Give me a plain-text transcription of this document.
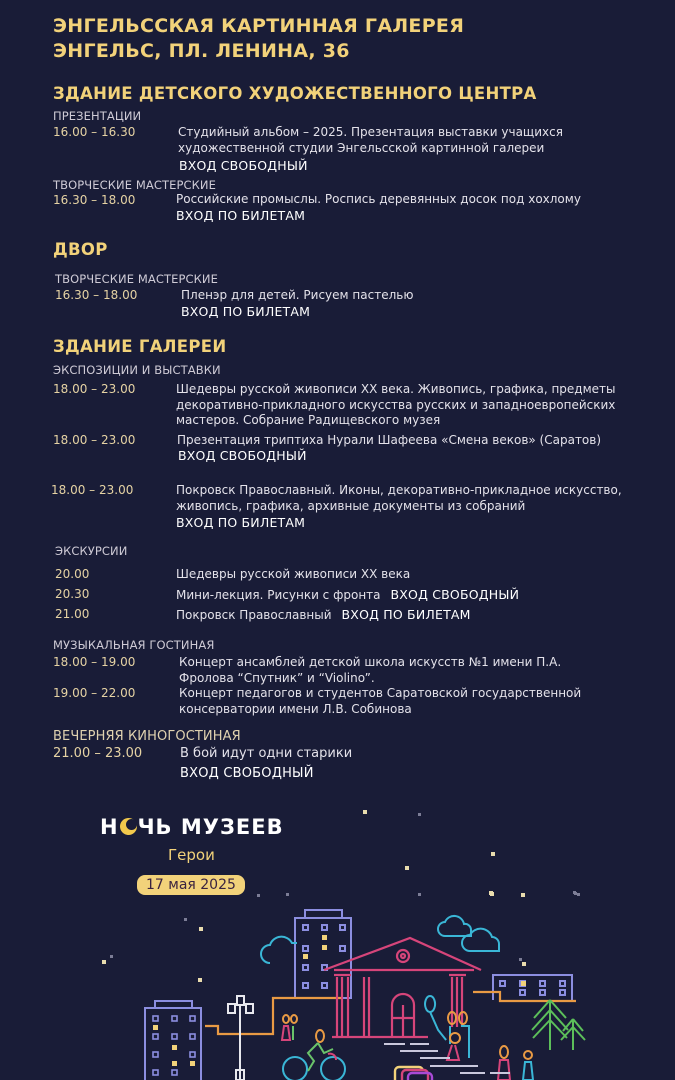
ЭНГЕЛЬССКАЯ КАРТИННАЯ ГАЛЕРЕЯ
ЭНГЕЛЬС, ПЛ. ЛЕНИНА, 36
ЗДАНИЕ ДЕТСКОГО ХУДОЖЕСТВЕННОГО ЦЕНТРА
ПРЕЗЕНТАЦИИ
16.00 – 16.30	Студийный альбом – 2025. Презентация выставки учащихся художественной студии Энгельсской картинной галереи
ВХОД СВОБОДНЫЙ
ТВОРЧЕСКИЕ МАСТЕРСКИЕ
16.30 – 18.00	Российские промыслы. Роспись деревянных досок под хохлому
ВХОД ПО БИЛЕТАМ
ДВОР
ТВОРЧЕСКИЕ МАСТЕРСКИЕ
16.30 – 18.00	Пленэр для детей. Рисуем пастелью
ВХОД ПО БИЛЕТАМ
ЗДАНИЕ ГАЛЕРЕИ
ЭКСПОЗИЦИИ И ВЫСТАВКИ
18.00 – 23.00	Шедевры русской живописи ХХ века. Живопись, графика, предметы декоративно-прикладного искусства русских и западноевропейских мастеров. Собрание Радищевского музея
18.00 – 23.00	Презентация триптиха Нурали Шафеева «Смена веков» (Саратов)
ВХОД СВОБОДНЫЙ
18.00 – 23.00	Покровск Православный. Иконы, декоративно-прикладное искусство, живопись, графика, архивные документы из собраний
ВХОД ПО БИЛЕТАМ
ЭКСКУРСИИ
20.00	Шедевры русской живописи ХХ века
20.30	Мини-лекция. Рисунки с фронта ВХОД СВОБОДНЫЙ
21.00	Покровск Православный ВХОД ПО БИЛЕТАМ
МУЗЫКАЛЬНАЯ ГОСТИНАЯ
18.00 – 19.00	Концерт ансамблей детской школа искусств №1 имени П.А. Фролова “Спутник” и “Violino”.
19.00 – 22.00	Концерт педагогов и студентов Саратовской государственной консерватории имени Л.В. Собинова
ВЕЧЕРНЯЯ КИНОГОСТИНАЯ
21.00 – 23.00	В бой идут одни старики
ВХОД СВОБОДНЫЙ
Н ЧЬ МУЗЕЕВ
Герои
17 мая 2025
